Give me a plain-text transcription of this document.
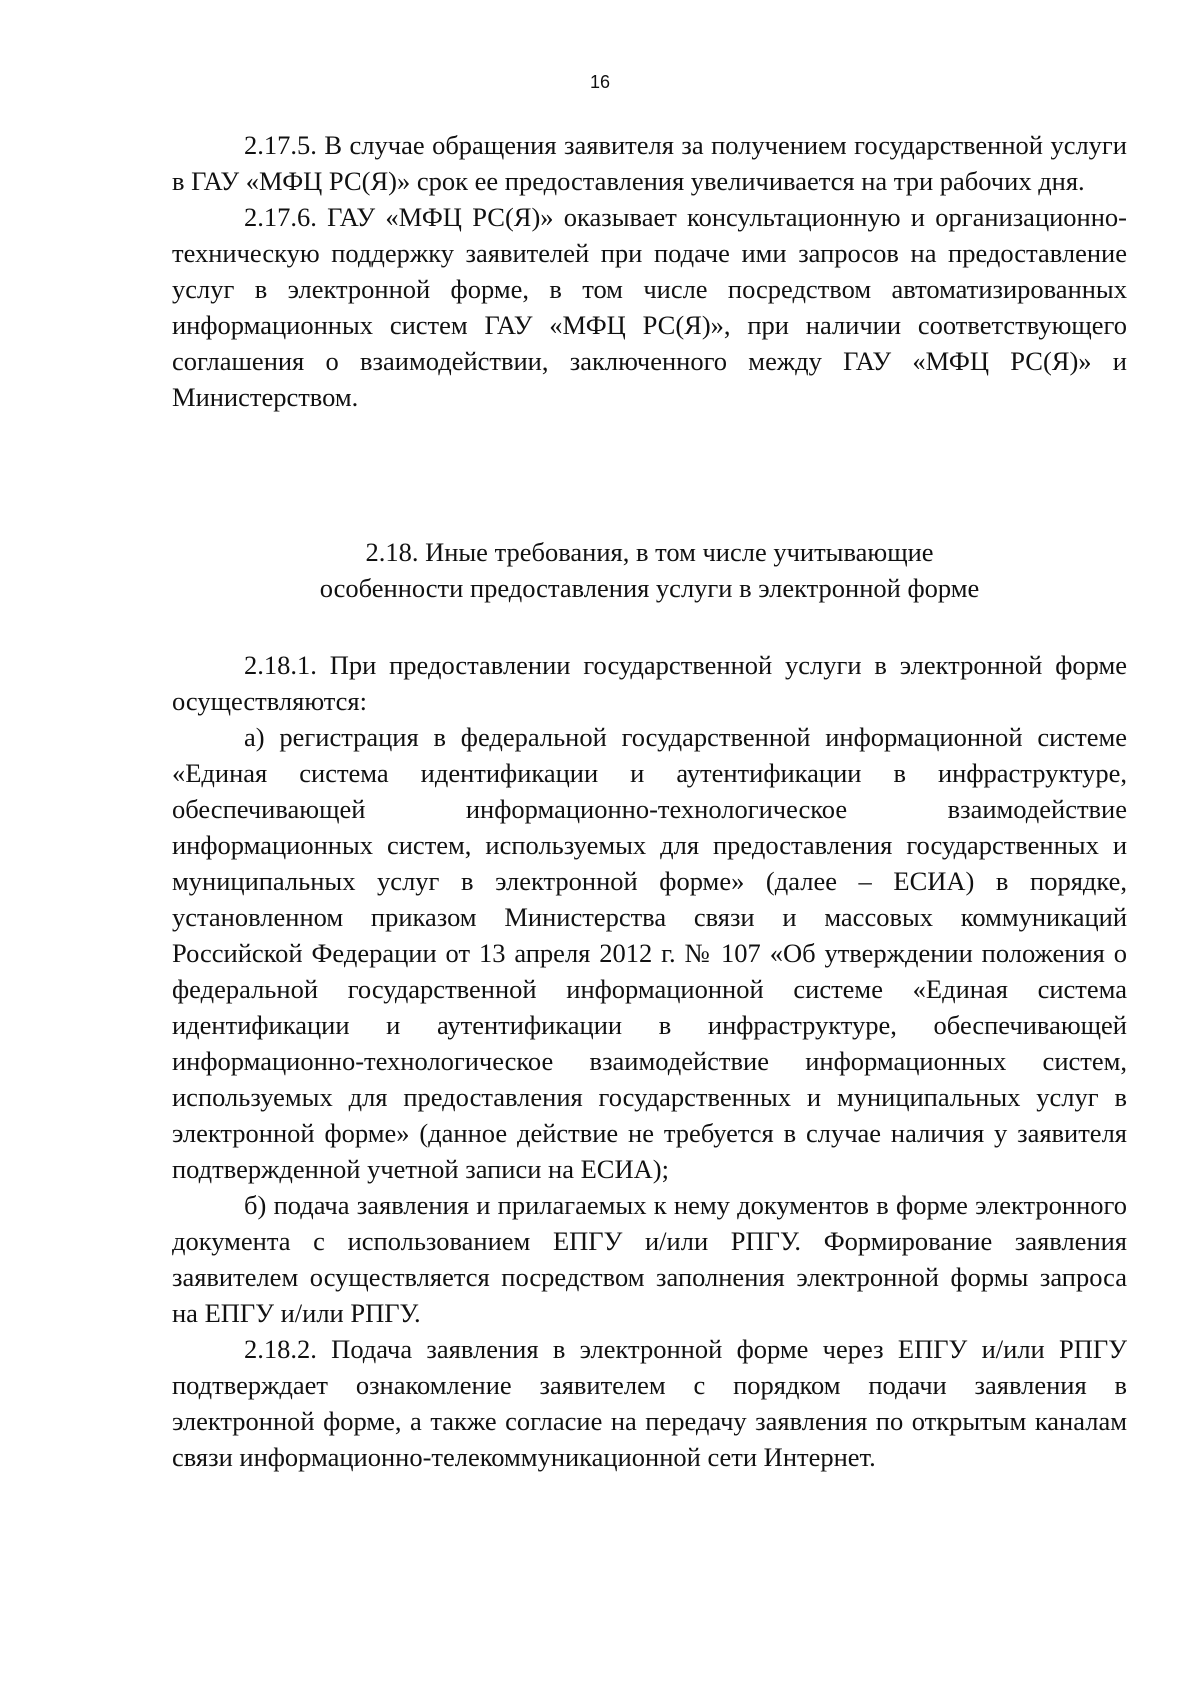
16

2.17.5. В случае обращения заявителя за получением государственной услуги в ГАУ «МФЦ РС(Я)» срок ее предоставления увеличивается на три рабочих дня.

2.17.6. ГАУ «МФЦ РС(Я)» оказывает консультационную и организационно-техническую поддержку заявителей при подаче ими запросов на предоставление услуг в электронной форме, в том числе посредством автоматизированных информационных систем ГАУ «МФЦ РС(Я)», при наличии соответствующего соглашения о взаимодействии, заключенного между ГАУ «МФЦ РС(Я)» и Министерством.

2.18. Иные требования, в том числе учитывающие
особенности предоставления услуги в электронной форме

2.18.1. При предоставлении государственной услуги в электронной форме осуществляются:

а) регистрация в федеральной государственной информационной системе «Единая система идентификации и аутентификации в инфраструктуре, обеспечивающей информационно-технологическое взаимодействие информационных систем, используемых для предоставления государственных и муниципальных услуг в электронной форме» (далее – ЕСИА) в порядке, установленном приказом Министерства связи и массовых коммуникаций Российской Федерации от 13 апреля 2012 г. № 107 «Об утверждении положения о федеральной государственной информационной системе «Единая система идентификации и аутентификации в инфраструктуре, обеспечивающей информационно-технологическое взаимодействие информационных систем, используемых для предоставления государственных и муниципальных услуг в электронной форме» (данное действие не требуется в случае наличия у заявителя подтвержденной учетной записи на ЕСИА);

б) подача заявления и прилагаемых к нему документов в форме электронного документа с использованием ЕПГУ и/или РПГУ. Формирование заявления заявителем осуществляется посредством заполнения электронной формы запроса на ЕПГУ и/или РПГУ.

2.18.2. Подача заявления в электронной форме через ЕПГУ и/или РПГУ подтверждает ознакомление заявителем с порядком подачи заявления в электронной форме, а также согласие на передачу заявления по открытым каналам связи информационно-телекоммуникационной сети Интернет.
